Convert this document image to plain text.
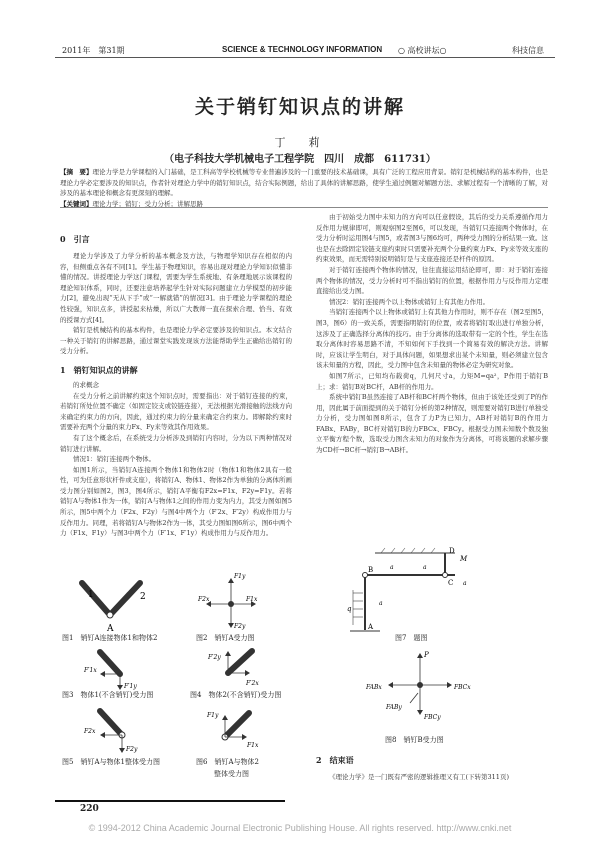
2011年　第31期	SCIENCE & TECHNOLOGY INFORMATION ○ 高校讲坛○	科技信息
关于销钉知识点的讲解
丁　莉
（电子科技大学机械电子工程学院　四川　成都　611731）
【摘　要】理论力学是力学课程的入门基础，是工科高等学校机械等专业普遍涉及的一门重要的技术基础课，具有广泛的工程应用背景。销钉是机械结构的基本构件，也是理论力学必定要涉及的知识点，作者针对理论力学中的销钉知识点，结合实际例题，给出了具体的讲解思路，使学生通过例题对解题方法、求解过程有一个清晰的了解，对涉及的基本理论和概念有更深刻的理解。
【关键词】理论力学；销钉；受力分析；讲解思路
0　引言

理论力学涉及了力学分析的基本概念及方法，与物理学知识存在相似的内容，但侧重点各有不同[1]。学生基于物理知识，容易出现对理论力学知识似懂非懂的情况。讲授理论力学这门课程，需要为学生系统地、有条理地展示该课程的理论知识体系，同时，还要注意培养起学生针对实际问题建立力学模型的初步能力[2]，避免出现“无从下手”或“一解就错”的情况[3]。由于理论力学课程的理论性较强，知识点多，讲授起来枯燥，所以广大教师一直在探索合理、恰当、有效的授课方式[4]。

销钉是机械结构的基本构件，也是理论力学必定要涉及的知识点。本文结合一种关于销钉的讲解思路，通过课堂实践发现该方法能帮助学生正确给出销钉的受力分析。

1　销钉知识点的讲解

的求概念

在受力分析之前讲解约束这个知识点时，需要指出：对于销钉连接的约束，若销钉所处位置不确定（如固定铰支或铰链连接），无法根据光滑接触的法线方向来确定约束力的方向，因此，通过约束力的分量来确定合约束力。即解除约束时需要补充两个分量的束力Fx、Fy来等效其作用效果。

有了这个概念后，在系统受力分析涉及到销钉内容时，分为以下两种情况对销钉进行讲解。

情况1：销钉连接两个物体。

如图1所示，当销钉A连接两个物体1和物体2时（物体1和物体2具有一般性，可为任意形状杆件或支座），将销钉A、物体1、物体2作为单独的分离体所画受力图分别如图2，图3，图4所示，销钉A平衡有F2x=F1x、F2y=F1y。若将销钉A与物体1作为一体，销钉A与物体1之间的作用力变为内力，其受力图如图5所示，图5中两个力（F2x、F2y）与图4中两个力（F′2x、F′2y）构成作用力与反作用力。同理，若将销钉A与物体2作为一体，其受力图如图6所示，图6中两个力（F1x、F1y）与图3中两个力（F′1x、F′1y）构成作用力与反作用力。

1	2
A
图1　销钉A连接物体1和物体2
F1y
F1x
F2x
F2y
图2　销钉A受力图
F′1x
F′1y
图3　物体1(不含销钉)受力图
F′2y
F′2x
图4　物体2(不含销钉)受力图
F2x
F2y
图5　销钉A与物体1整体受力图
F1y
F1x
图6　销钉A与物体2
整体受力图

由于初始受力图中未知力的方向可以任意假设，其后的受力关系遵循作用力反作用力规律即可，则观察图2至图6，可以发现，当销钉只连接两个物体时，在受力分析时运用图4与图5，或者图3与图6均可，两种受力图的分析结果一致。这也是在去除固定铰链支座约束时只需要补充两个分量约束力Fx、Fy来等效支座的约束效果，而无需特别说明销钉是与支座连接还是杆件的原因。

对于销钉连接两个物体的情况，往往直接运用结论即可，即：对于销钉连接两个物体的情况，受力分析时可不指出销钉的位置，根据作用力与反作用力定理直接给出受力图。

情况2：销钉连接两个以上物体或销钉上有其他力作用。

当销钉连接两个以上物体或销钉上有其他力作用时，则不存在（图2至图5，图3，图6）的一致关系，需要指明销钉的位置，或者将销钉取出进行单独分析，这涉及了正确选择分离体的技巧。由于分离体的选取带有一定的个性，学生在选取分离体时容易思路不清，不知如何下手找到一个简易有效的解决方法。讲解时，应该让学生明白，对于具体问题，如果想求出某个未知量，则必须建立包含该未知量的方程，因此，受力图中包含未知量的物体必定为研究对象。

如图7所示，已知均布载荷q，几何尺寸a，力矩M=qa²，P作用于销钉B上；求：销钉B对BC杆，AB杆的作用力。

系统中销钉B虽然连接了AB杆和BC杆两个物体，但由于该处还受到了P的作用，因此属于前面提到的关于销钉分析的第2种情况，则需要对销钉B进行单独受力分析，受力图如图8所示，包含了力P为已知力，AB杆对销钉B的作用力FABx、FABy，BC杆对销钉B的力FBCx、FBCy。根据受力图未知数个数及独立平衡方程个数，选取受力图含未知力的对象作为分离体，可将该题的求解步骤为CD杆→BC杆→销钉B→AB杆。

q
M
B
C
D
A
a	a
a
a
图7　题图
P
FABx	FBCx
FABy
FBCy
图8　销钉B受力图
2　结束语

《理论力学》是一门既有严密的逻辑推理又有工(下转第311页)

220
© 1994-2012 China Academic Journal Electronic Publishing House. All rights reserved. http://www.cnki.net
